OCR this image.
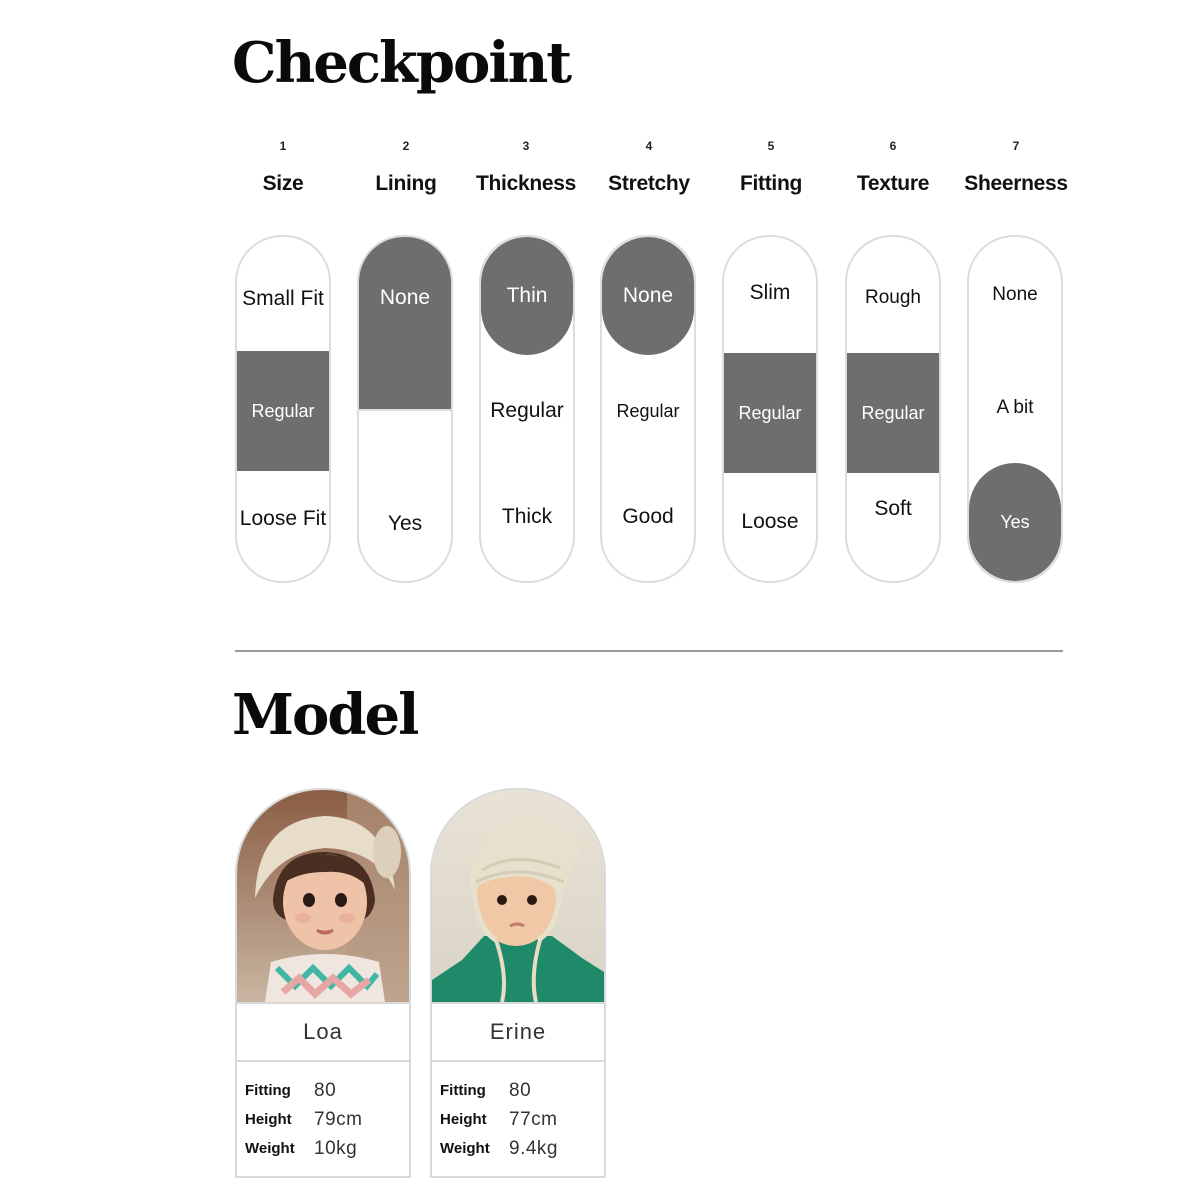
Checkpoint
1
Size
2
Lining
3
Thickness
4
Stretchy
5
Fitting
6
Texture
7
Sheerness
Small Fit
Regular
Loose Fit
None
Yes
Thin
Regular
Thick
None
Regular
Good
Slim
Regular
Loose
Rough
Regular
Soft
None
A bit
Yes
Model
Loa
Fitting	80
Height	79cm
Weight	10kg
Erine
Fitting	80
Height	77cm
Weight	9.4kg
